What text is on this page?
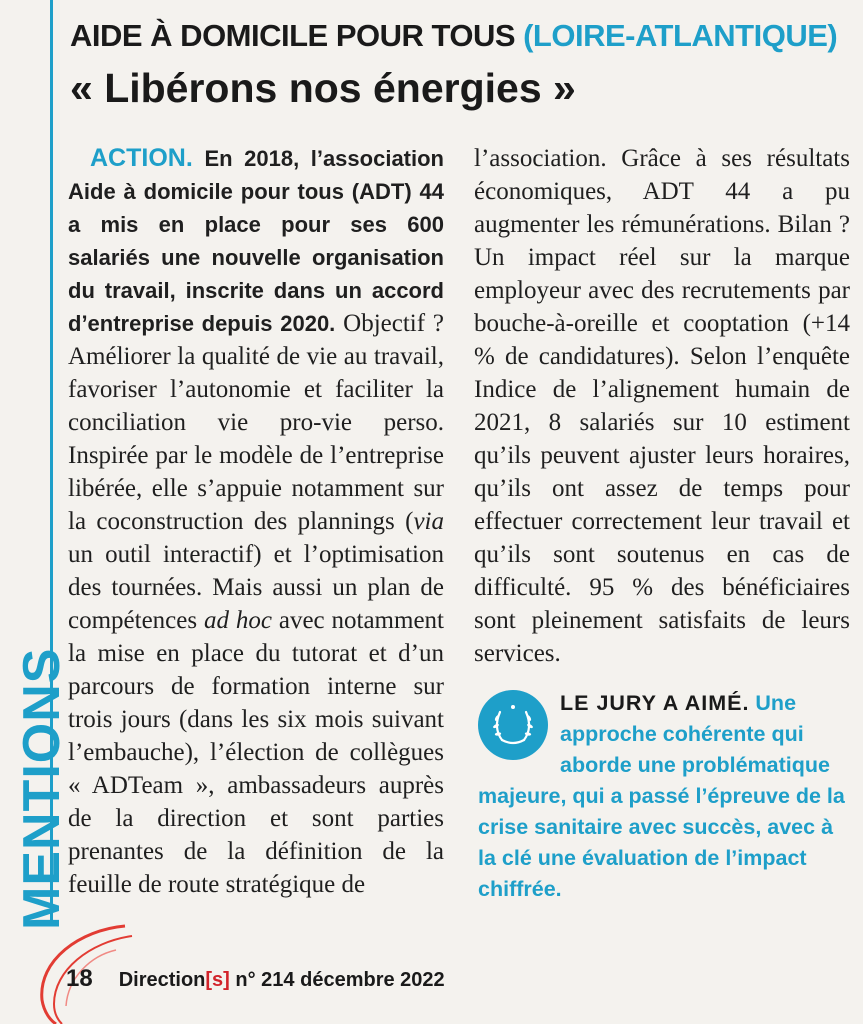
MENTIONS
AIDE À DOMICILE POUR TOUS (LOIRE-ATLANTIQUE)
« Libérons nos énergies »
ACTION. En 2018, l’association Aide à domicile pour tous (ADT) 44 a mis en place pour ses 600 salariés une nouvelle organisation du travail, inscrite dans un accord d’entreprise depuis 2020. Objectif ? Améliorer la qualité de vie au travail, favoriser l’autonomie et faciliter la conciliation vie pro-vie perso. Inspirée par le modèle de l’entreprise libérée, elle s’appuie notamment sur la coconstruction des plannings (via un outil interactif) et l’optimisation des tournées. Mais aussi un plan de compétences ad hoc avec notamment la mise en place du tutorat et d’un parcours de formation interne sur trois jours (dans les six mois suivant l’embauche), l’élection de collègues « ADTeam », ambassadeurs auprès de la direction et sont parties prenantes de la définition de la feuille de route stratégique de
l’association. Grâce à ses résultats économiques, ADT 44 a pu augmenter les rémunérations. Bilan ? Un impact réel sur la marque employeur avec des recrutements par bouche-à-oreille et cooptation (+14 % de candidatures). Selon l’enquête Indice de l’alignement humain de 2021, 8 salariés sur 10 estiment qu’ils peuvent ajuster leurs horaires, qu’ils ont assez de temps pour effectuer correctement leur travail et qu’ils sont soutenus en cas de difficulté. 95 % des bénéficiaires sont pleinement satisfaits de leurs services.
LE JURY A AIMÉ. Une approche cohérente qui aborde une problématique majeure, qui a passé l’épreuve de la crise sanitaire avec succès, avec à la clé une évaluation de l’impact chiffrée.
18 Direction[s] n° 214 décembre 2022
